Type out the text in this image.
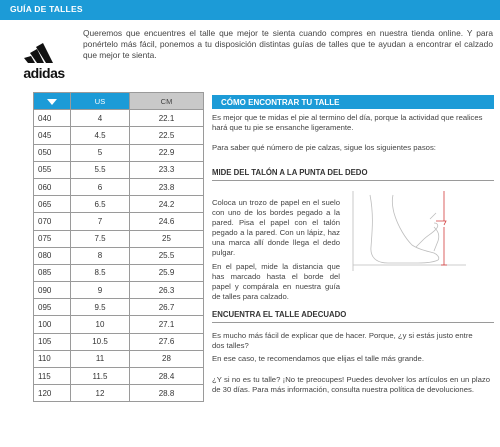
GUÍA DE TALLES
adidas
Queremos que encuentres el talle que mejor te sienta cuando compres en nuestra tienda online. Y para ponértelo más fácil, ponemos a tu disposición distintas guías de talles que te ayudan a encontrar el calzado que mejor te sienta.
	US	CM
040	4	22.1
045	4.5	22.5
050	5	22.9
055	5.5	23.3
060	6	23.8
065	6.5	24.2
070	7	24.6
075	7.5	25
080	8	25.5
085	8.5	25.9
090	9	26.3
095	9.5	26.7
100	10	27.1
105	10.5	27.6
110	11	28
115	11.5	28.4
120	12	28.8
CÓMO ENCONTRAR TU TALLE
Es mejor que te midas el pie al termino del día, porque la actividad que realices hará que tu pie se ensanche ligeramente.
Para saber qué número de pie calzas, sigue los siguientes pasos:
MIDE DEL TALÓN A LA PUNTA DEL DEDO
Coloca un trozo de papel en el suelo con uno de los bordes pegado a la pared. Pisa el papel con el talón pegado a la pared. Con un lápiz, haz una marca allí donde llega el dedo pulgar.
En el papel, mide la distancia que has marcado hasta el borde del papel y compárala en nuestra guía de talles para calzado.
ENCUENTRA EL TALLE ADECUADO
Es mucho más fácil de explicar que de hacer. Porque, ¿y si estás justo entre dos talles?
En ese caso, te recomendamos que elijas el talle más grande.
¿Y si no es tu talle? ¡No te preocupes! Puedes devolver los artículos en un plazo de 30 días. Para más información, consulta nuestra política de devoluciones.
